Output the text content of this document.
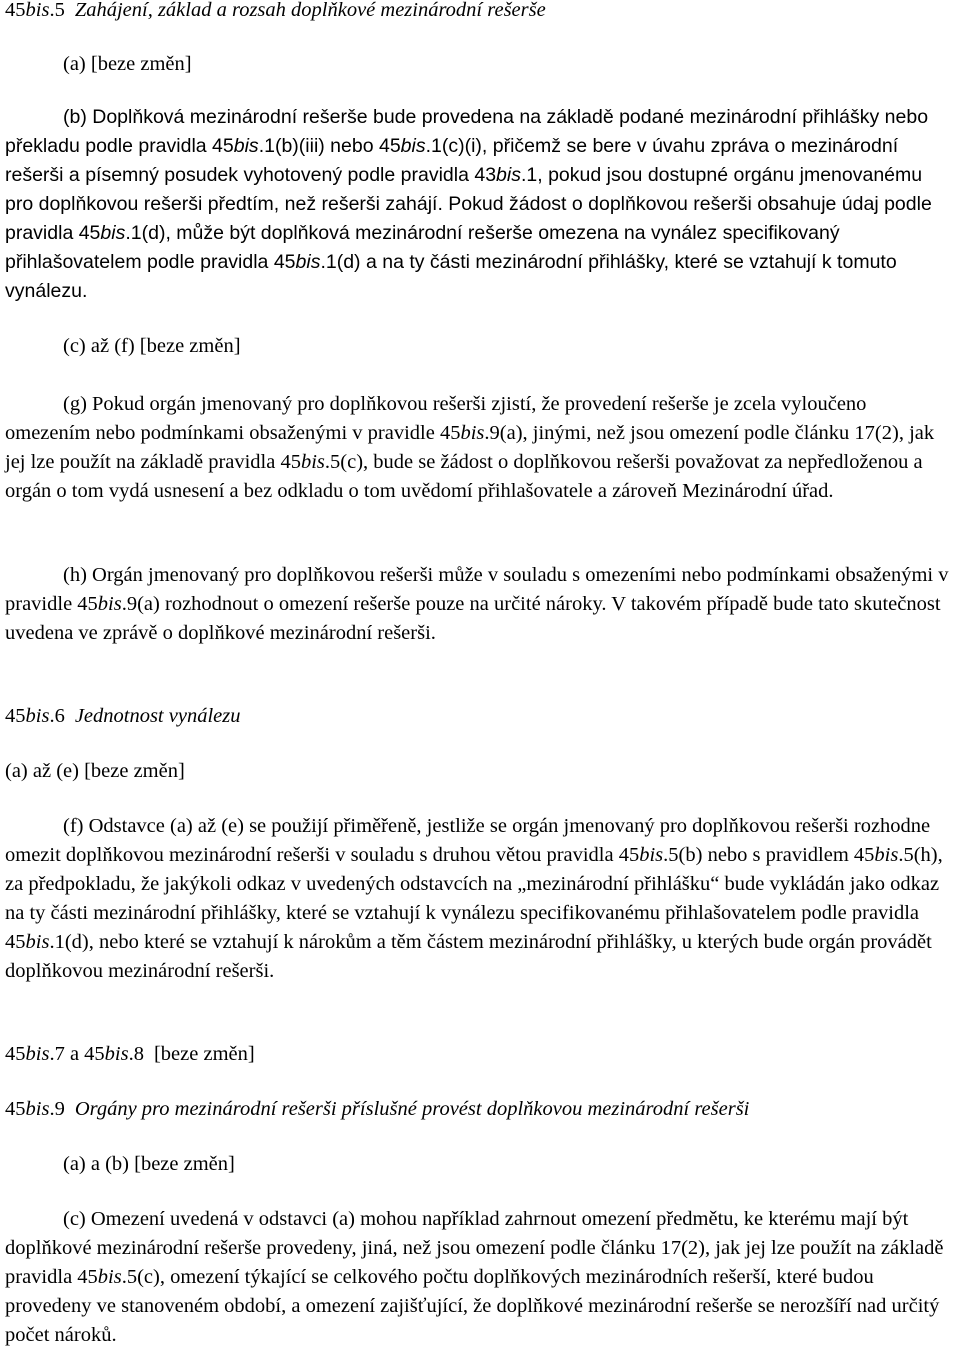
45bis.5 Zahájení, základ a rozsah doplňkové mezinárodní rešerše
(a) [beze změn]
(b) Doplňková mezinárodní rešerše bude provedena na základě podané mezinárodní přihlášky nebo překladu podle pravidla 45bis.1(b)(iii) nebo 45bis.1(c)(i), přičemž se bere v úvahu zpráva o mezinárodní rešerši a písemný posudek vyhotovený podle pravidla 43bis.1, pokud jsou dostupné orgánu jmenovanému pro doplňkovou rešerši předtím, než rešerši zahájí. Pokud žádost o doplňkovou rešerši obsahuje údaj podle pravidla 45bis.1(d), může být doplňková mezinárodní rešerše omezena na vynález specifikovaný přihlašovatelem podle pravidla 45bis.1(d) a na ty části mezinárodní přihlášky, které se vztahují k tomuto vynálezu.
(c) až (f) [beze změn]
(g) Pokud orgán jmenovaný pro doplňkovou rešerši zjistí, že provedení rešerše je zcela vyloučeno omezením nebo podmínkami obsaženými v pravidle 45bis.9(a), jinými, než jsou omezení podle článku 17(2), jak jej lze použít na základě pravidla 45bis.5(c), bude se žádost o doplňkovou rešerši považovat za nepředloženou a orgán o tom vydá usnesení a bez odkladu o tom uvědomí přihlašovatele a zároveň Mezinárodní úřad.
(h) Orgán jmenovaný pro doplňkovou rešerši může v souladu s omezeními nebo podmínkami obsaženými v pravidle 45bis.9(a) rozhodnout o omezení rešerše pouze na určité nároky. V takovém případě bude tato skutečnost uvedena ve zprávě o doplňkové mezinárodní rešerši.
45bis.6 Jednotnost vynálezu
(a) až (e) [beze změn]
(f) Odstavce (a) až (e) se použijí přiměřeně, jestliže se orgán jmenovaný pro doplňkovou rešerši rozhodne omezit doplňkovou mezinárodní rešerši v souladu s druhou větou pravidla 45bis.5(b) nebo s pravidlem 45bis.5(h), za předpokladu, že jakýkoli odkaz v uvedených odstavcích na „mezinárodní přihlášku“ bude vykládán jako odkaz na ty části mezinárodní přihlášky, které se vztahují k vynálezu specifikovanému přihlašovatelem podle pravidla 45bis.1(d), nebo které se vztahují k nárokům a těm částem mezinárodní přihlášky, u kterých bude orgán provádět doplňkovou mezinárodní rešerši.
45bis.7 a 45bis.8 [beze změn]
45bis.9 Orgány pro mezinárodní rešerši příslušné provést doplňkovou mezinárodní rešerši
(a) a (b) [beze změn]
(c) Omezení uvedená v odstavci (a) mohou například zahrnout omezení předmětu, ke kterému mají být doplňkové mezinárodní rešerše provedeny, jiná, než jsou omezení podle článku 17(2), jak jej lze použít na základě pravidla 45bis.5(c), omezení týkající se celkového počtu doplňkových mezinárodních rešerší, které budou provedeny ve stanoveném období, a omezení zajišťující, že doplňkové mezinárodní rešerše se nerozšíří nad určitý počet nároků.
